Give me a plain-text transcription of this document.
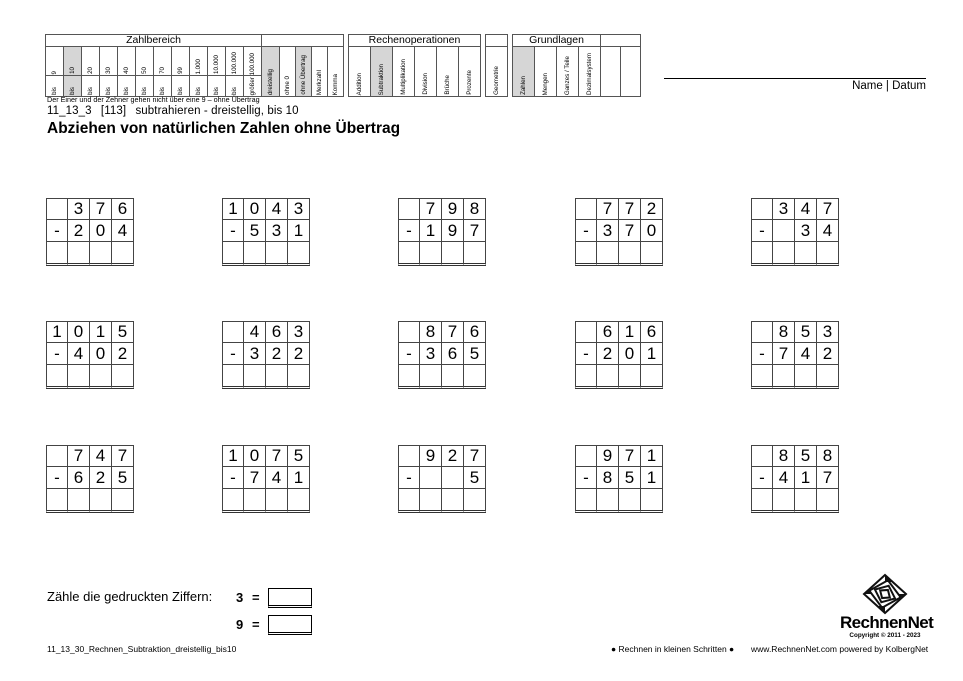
Zahlbereich																		Rechenoperationen									Grundlagen					

9	10	20	30	40	50	70	99	1.000	10.000	100.000		dreistellig	ohne 0	ohne Übertrag	Merkzahl	Komma		Addition	Subtraktion	Multiplikation	Division	Brüche	Prozente		Geometrie		Zahlen	Mengen	Ganzes / Teile	Dezimalsystem		

bis	bis	bis	bis	bis	bis	bis	bis	bis	bis	bis	größer 100.000																						Name | Datum
Der Einer und der Zehner gehen nicht über eine 9 – ohne Übertrag
11_13_3 [113] subtrahieren - dreistellig, bis 10
Abziehen von natürlichen Zahlen ohne Übertrag
3 7 6
- 2 0 4
1 0 4 3
- 5 3 1
7 9 8
- 1 9 7
7 7 2
- 3 7 0
3 4 7
-	3 4
1 0 1 5
- 4 0 2
4 6 3
- 3 2 2
8 7 6
- 3 6 5
6 1 6
- 2 0 1
8 5 3
- 7 4 2
7 4 7
- 6 2 5
1 0 7 5
- 7 4 1
9 2 7
-	5
9 7 1
- 8 5 1
8 5 8
- 4 1 7
Zähle die gedruckten Ziffern: 3 =
9 =	RechnenNet
Copyright © 2011 - 2023
11_13_30_Rechnen_Subtraktion_dreistellig_bis10	● Rechnen in kleinen Schritten ● www.RechnenNet.com powered by KolbergNet
